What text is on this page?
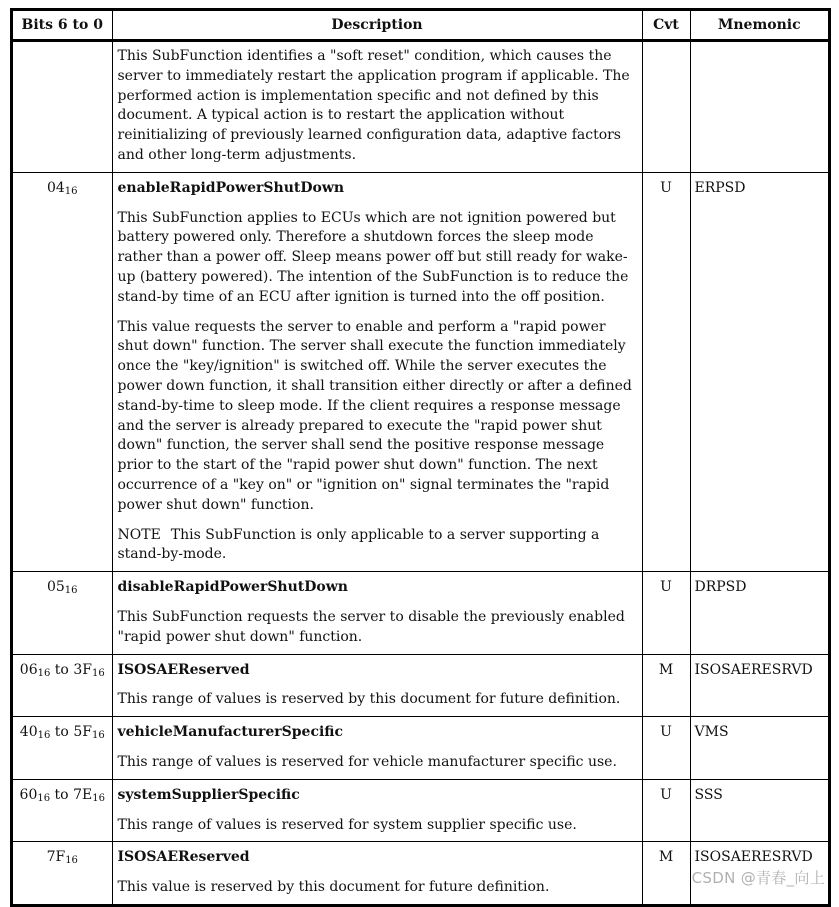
Bits 6 to 0	Description	Cvt	Mnemonic

	This SubFunction identifies a "soft reset" condition, which causes the server to immediately restart the application program if applicable. The performed action is implementation specific and not defined by this document. A typical action is to restart the application without reinitializing of previously learned configuration data, adaptive factors and other long-term adjustments.		

$04_{16}$	enableRapidPowerShutDown
This SubFunction applies to ECUs which are not ignition powered but battery powered only. Therefore a shutdown forces the sleep mode rather than a power off. Sleep means power off but still ready for wake-up (battery powered). The intention of the SubFunction is to reduce the stand-by time of an ECU after ignition is turned into the off position.
This value requests the server to enable and perform a "rapid power shut down" function. The server shall execute the function immediately once the "key/ignition" is switched off. While the server executes the power down function, it shall transition either directly or after a defined stand-by-time to sleep mode. If the client requires a response message and the server is already prepared to execute the "rapid power shut down" function, the server shall send the positive response message prior to the start of the "rapid power shut down" function. The next occurrence of a "key on" or "ignition on" signal terminates the "rapid power shut down" function.
NOTE This SubFunction is only applicable to a server supporting a stand-by-mode.	U	ERPSD
$05_{16}$	disableRapidPowerShutDown
This SubFunction requests the server to disable the previously enabled "rapid power shut down" function.	U	DRPSD
$06_{16}$ to $3F_{16}$	ISOSAEReserved
This range of values is reserved by this document for future definition.	M	ISOSAERESRVD
$40_{16}$ to $5F_{16}$	vehicleManufacturerSpecific
This range of values is reserved for vehicle manufacturer specific use.	U	VMS
$60_{16}$ to $7E_{16}$	systemSupplierSpecific
This range of values is reserved for system supplier specific use.	U	SSS
$7F_{16}$	ISOSAEReserved
This value is reserved by this document for future definition.	M	ISOSAERESRVD
CSDN @青春_向上
